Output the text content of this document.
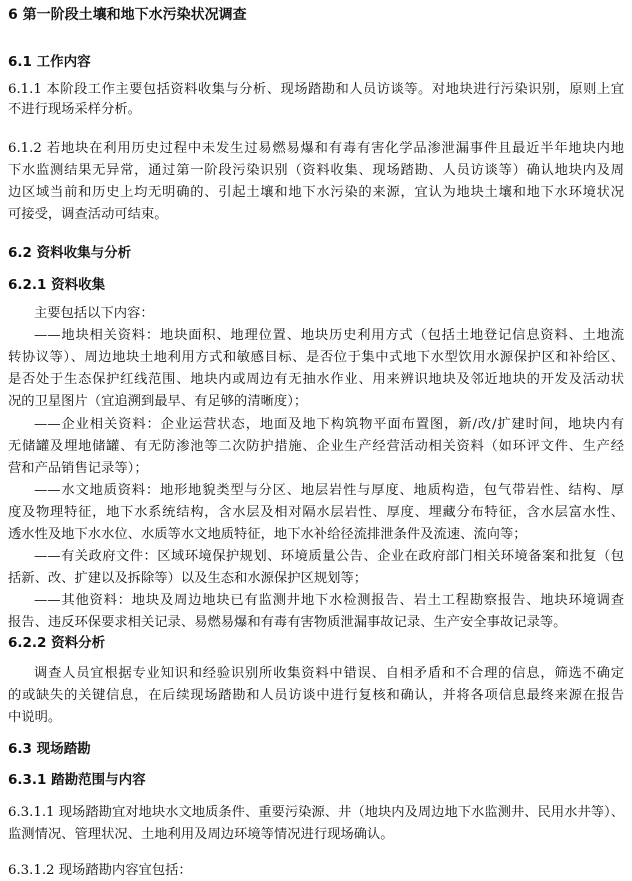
6 第一阶段土壤和地下水污染状况调查
6.1 工作内容
6.1.1 本阶段工作主要包括资料收集与分析、现场踏勘和人员访谈等。对地块进行污染识别，原则上宜
不进行现场采样分析。
6.1.2 若地块在利用历史过程中未发生过易燃易爆和有毒有害化学品渗泄漏事件且最近半年地块内地
下水监测结果无异常，通过第一阶段污染识别（资料收集、现场踏勘、人员访谈等）确认地块内及周
边区域当前和历史上均无明确的、引起土壤和地下水污染的来源，宜认为地块土壤和地下水环境状况
可接受，调查活动可结束。
6.2 资料收集与分析
6.2.1 资料收集
主要包括以下内容：
——地块相关资料：地块面积、地理位置、地块历史利用方式（包括土地登记信息资料、土地流
转协议等）、周边地块土地利用方式和敏感目标、是否位于集中式地下水型饮用水源保护区和补给区、
是否处于生态保护红线范围、地块内或周边有无抽水作业、用来辨识地块及邻近地块的开发及活动状
况的卫星图片（宜追溯到最早、有足够的清晰度）；
——企业相关资料：企业运营状态，地面及地下构筑物平面布置图，新/改/扩建时间，地块内有
无储罐及埋地储罐、有无防渗池等二次防护措施、企业生产经营活动相关资料（如环评文件、生产经
营和产品销售记录等）；
——水文地质资料：地形地貌类型与分区、地层岩性与厚度、地质构造，包气带岩性、结构、厚
度及物理特征，地下水系统结构，含水层及相对隔水层岩性、厚度、埋藏分布特征，含水层富水性、
透水性及地下水水位、水质等水文地质特征，地下水补给径流排泄条件及流速、流向等；
——有关政府文件：区域环境保护规划、环境质量公告、企业在政府部门相关环境备案和批复（包
括新、改、扩建以及拆除等）以及生态和水源保护区规划等；
——其他资料：地块及周边地块已有监测井地下水检测报告、岩土工程勘察报告、地块环境调查
报告、违反环保要求相关记录、易燃易爆和有毒有害物质泄漏事故记录、生产安全事故记录等。
6.2.2 资料分析
调查人员宜根据专业知识和经验识别所收集资料中错误、自相矛盾和不合理的信息，筛选不确定
的或缺失的关键信息，在后续现场踏勘和人员访谈中进行复核和确认，并将各项信息最终来源在报告
中说明。
6.3 现场踏勘
6.3.1 踏勘范围与内容
6.3.1.1 现场踏勘宜对地块水文地质条件、重要污染源、井（地块内及周边地下水监测井、民用水井等）、
监测情况、管理状况、土地利用及周边环境等情况进行现场确认。
6.3.1.2 现场踏勘内容宜包括：
